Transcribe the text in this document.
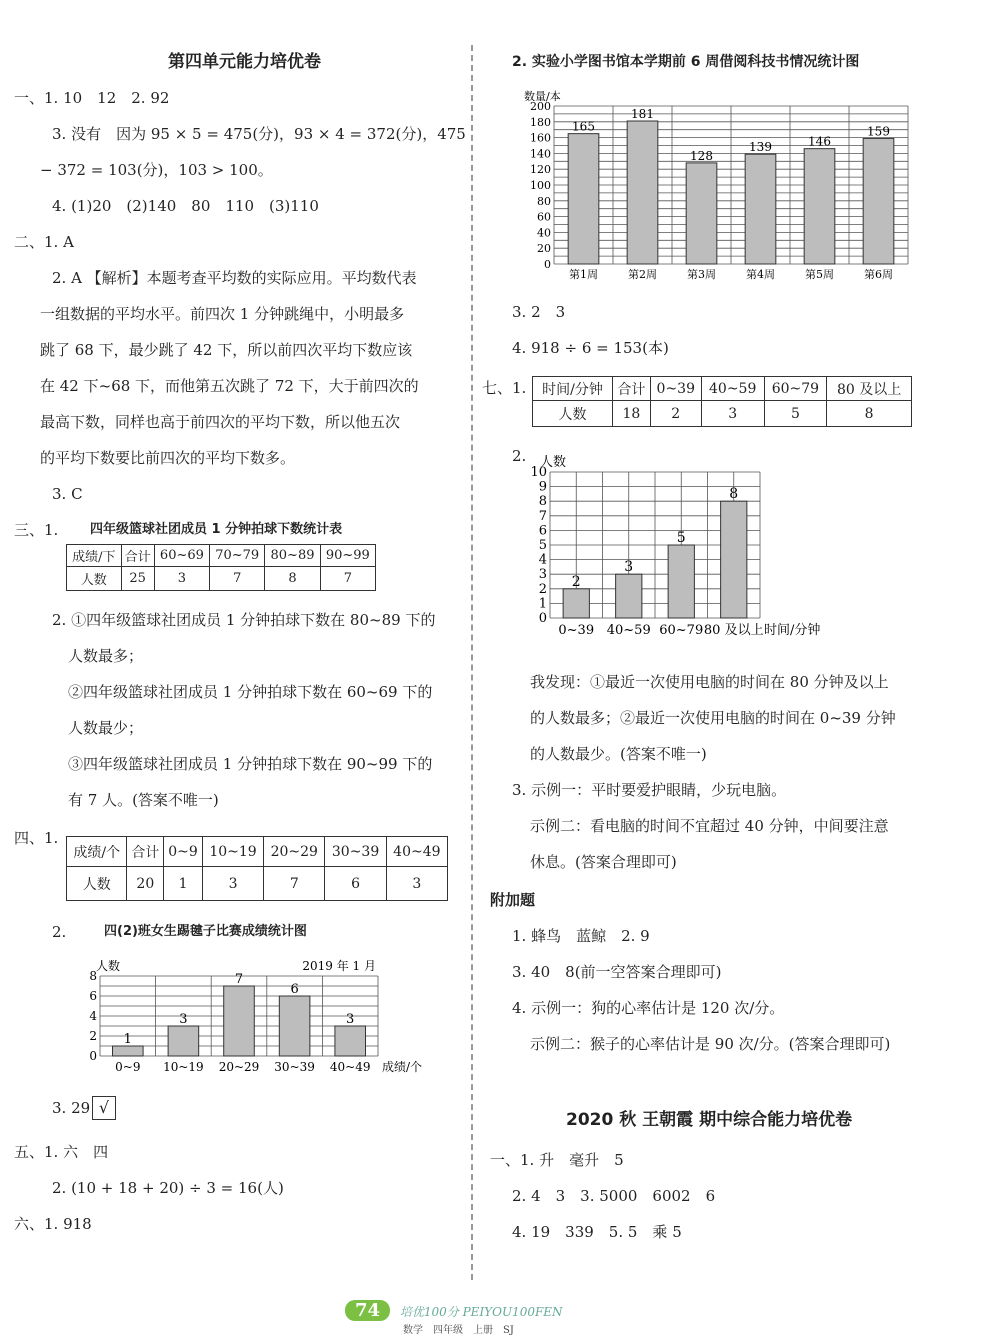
第四单元能力培优卷
一、1. 10　12　2. 92
3. 没有　因为 95 × 5 = 475(分)，93 × 4 = 372(分)，475
− 372 = 103(分)，103 > 100。
4. (1)20　(2)140　80　110　(3)110
二、1. A
2. A 【解析】本题考查平均数的实际应用。平均数代表
一组数据的平均水平。前四次 1 分钟跳绳中，小明最多
跳了 68 下，最少跳了 42 下，所以前四次平均下数应该
在 42 下~68 下，而他第五次跳了 72 下，大于前四次的
最高下数，同样也高于前四次的平均下数，所以他五次
的平均下数要比前四次的平均下数多。
3. C
三、1. 四年级篮球社团成员 1 分钟拍球下数统计表
成绩/下	合计	60~69	70~79	80~89	90~99
人数	25	3	7	8	7
2. ①四年级篮球社团成员 1 分钟拍球下数在 80~89 下的
人数最多；
②四年级篮球社团成员 1 分钟拍球下数在 60~69 下的
人数最少；
③四年级篮球社团成员 1 分钟拍球下数在 90~99 下的
有 7 人。(答案不唯一)
四、1.
成绩/个	合计	0~9	10~19	20~29	30~39	40~49
人数	20	1	3	7	6	3
2.	四(2)班女生踢毽子比赛成绩统计图
0
2
4
6
8
人数
1
0~9
3
10~19
7
20~29
6
30~39
3
40~49 成绩/个
2019 年 1 月
3. 29 √
五、1. 六　四
2. (10 + 18 + 20) ÷ 3 = 16(人)
六、1. 918
2. 实验小学图书馆本学期前 6 周借阅科技书情况统计图
0
20
40
60
80
100
120
140
160
180
200
数量/本
165
第1周
181
第2周
128
第3周
139
第4周
146
第5周
159
第6周
3. 2　3
4. 918 ÷ 6 = 153(本)
七、1. 时间/分钟	合计	0~39	40~59	60~79	80 及以上
人数	18	2	3	5	8
2.
0
1
2
3
4
5
6
7
8
9
10
人数
2
0~39
3
40~59
5
60~79
8
80 及以上 时间/分钟
我发现：①最近一次使用电脑的时间在 80 分钟及以上
的人数最多；②最近一次使用电脑的时间在 0~39 分钟
的人数最少。(答案不唯一)
3. 示例一：平时要爱护眼睛，少玩电脑。
示例二：看电脑的时间不宜超过 40 分钟，中间要注意
休息。(答案合理即可)
附加题
1. 蜂鸟　蓝鲸　2. 9
3. 40　8(前一空答案合理即可)
4. 示例一：狗的心率估计是 120 次/分。
示例二：猴子的心率估计是 90 次/分。(答案合理即可)
2020 秋 王朝霞 期中综合能力培优卷
一、1. 升　毫升　5
2. 4　3　3. 5000　6002　6
4. 19　339　5. 5　乘 5
74 培优100分 PEIYOU100FEN
数学　四年级　上册　SJ
